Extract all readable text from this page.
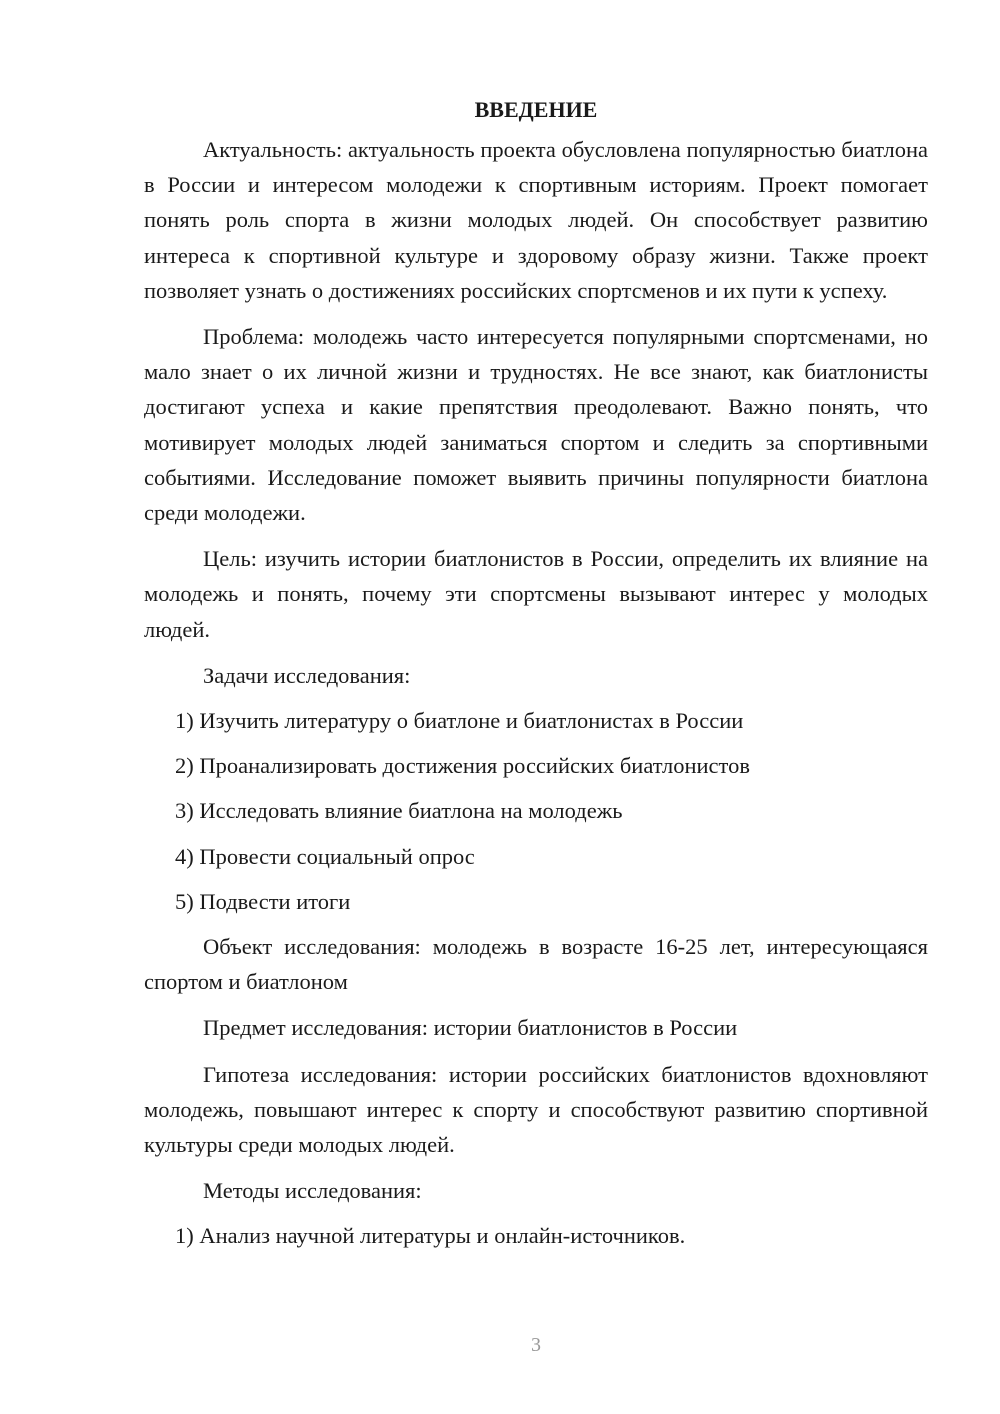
ВВЕДЕНИЕ

Актуальность: актуальность проекта обусловлена популярностью биатлона в России и интересом молодежи к спортивным историям. Проект помогает понять роль спорта в жизни молодых людей. Он способствует развитию интереса к спортивной культуре и здоровому образу жизни. Также проект позволяет узнать о достижениях российских спортсменов и их пути к успеху.

Проблема: молодежь часто интересуется популярными спортсменами, но мало знает о их личной жизни и трудностях. Не все знают, как биатлонисты достигают успеха и какие препятствия преодолевают. Важно понять, что мотивирует молодых людей заниматься спортом и следить за спортивными событиями. Исследование поможет выявить причины популярности биатлона среди молодежи.

Цель: изучить истории биатлонистов в России, определить их влияние на молодежь и понять, почему эти спортсмены вызывают интерес у молодых людей.

Задачи исследования:

1) Изучить литературу о биатлоне и биатлонистах в России

2) Проанализировать достижения российских биатлонистов

3) Исследовать влияние биатлона на молодежь

4) Провести социальный опрос

5) Подвести итоги

Объект исследования: молодежь в возрасте 16-25 лет, интересующаяся спортом и биатлоном

Предмет исследования: истории биатлонистов в России

Гипотеза исследования: истории российских биатлонистов вдохновляют молодежь, повышают интерес к спорту и способствуют развитию спортивной культуры среди молодых людей.

Методы исследования:

1) Анализ научной литературы и онлайн-источников.

3
